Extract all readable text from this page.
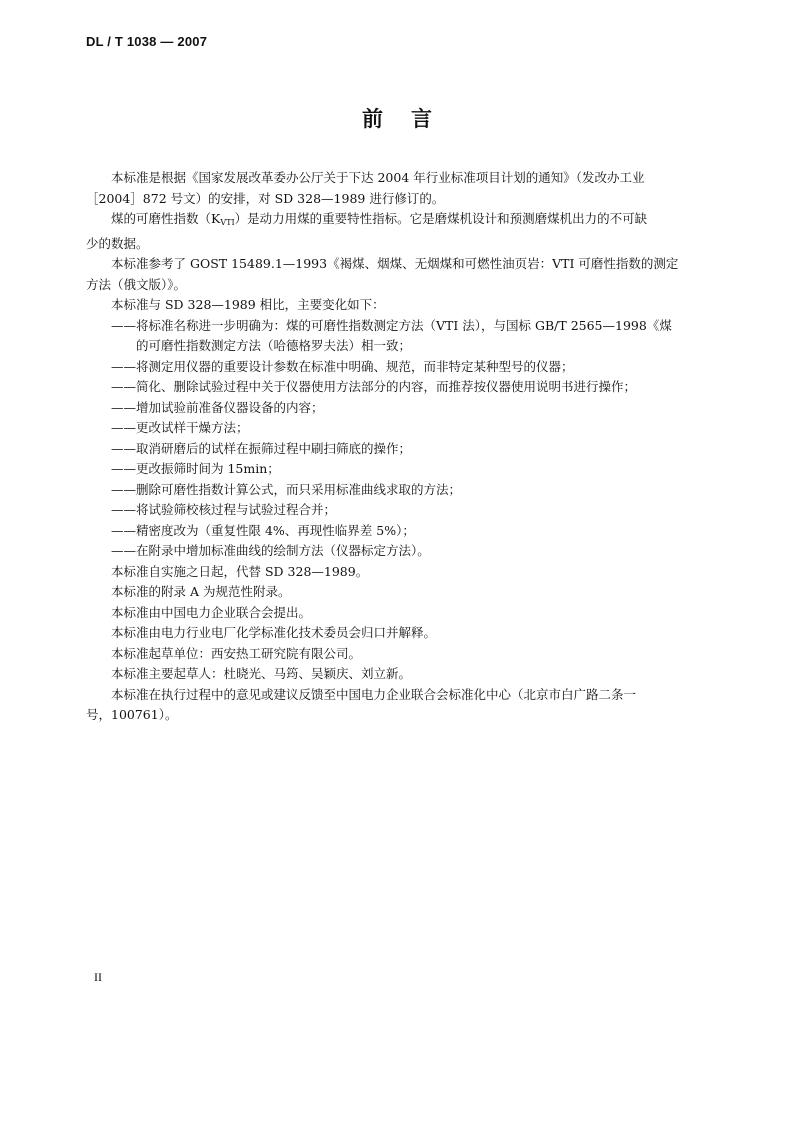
DL / T 1038 — 2007
前言
本标准是根据《国家发展改革委办公厅关于下达 2004 年行业标准项目计划的通知》（发改办工业
［2004］872 号文）的安排，对 SD 328—1989 进行修订的。
煤的可磨性指数$(K_{VTI})$是动力用煤的重要特性指标。它是磨煤机设计和预测磨煤机出力的不可缺
少的数据。
本标准参考了 GOST 15489.1—1993《褐煤、烟煤、无烟煤和可燃性油页岩：VTI 可磨性指数的测定
方法（俄文版）》。
本标准与 SD 328—1989 相比，主要变化如下：
——将标准名称进一步明确为：煤的可磨性指数测定方法（VTI 法），与国标 GB/T 2565—1998《煤
的可磨性指数测定方法（哈德格罗夫法）相一致；
——将测定用仪器的重要设计参数在标准中明确、规范，而非特定某种型号的仪器；
——简化、删除试验过程中关于仪器使用方法部分的内容，而推荐按仪器使用说明书进行操作；
——增加试验前准备仪器设备的内容；
——更改试样干燥方法；
——取消研磨后的试样在振筛过程中刷扫筛底的操作；
——更改振筛时间为 15min；
——删除可磨性指数计算公式，而只采用标准曲线求取的方法；
——将试验筛校核过程与试验过程合并；
——精密度改为（重复性限 4%、再现性临界差 5%）；
——在附录中增加标准曲线的绘制方法（仪器标定方法）。
本标准自实施之日起，代替 SD 328—1989。
本标准的附录 A 为规范性附录。
本标准由中国电力企业联合会提出。
本标准由电力行业电厂化学标准化技术委员会归口并解释。
本标准起草单位：西安热工研究院有限公司。
本标准主要起草人：杜晓光、马筠、吴颖庆、刘立新。
本标准在执行过程中的意见或建议反馈至中国电力企业联合会标准化中心（北京市白广路二条一
号，100761）。
II
